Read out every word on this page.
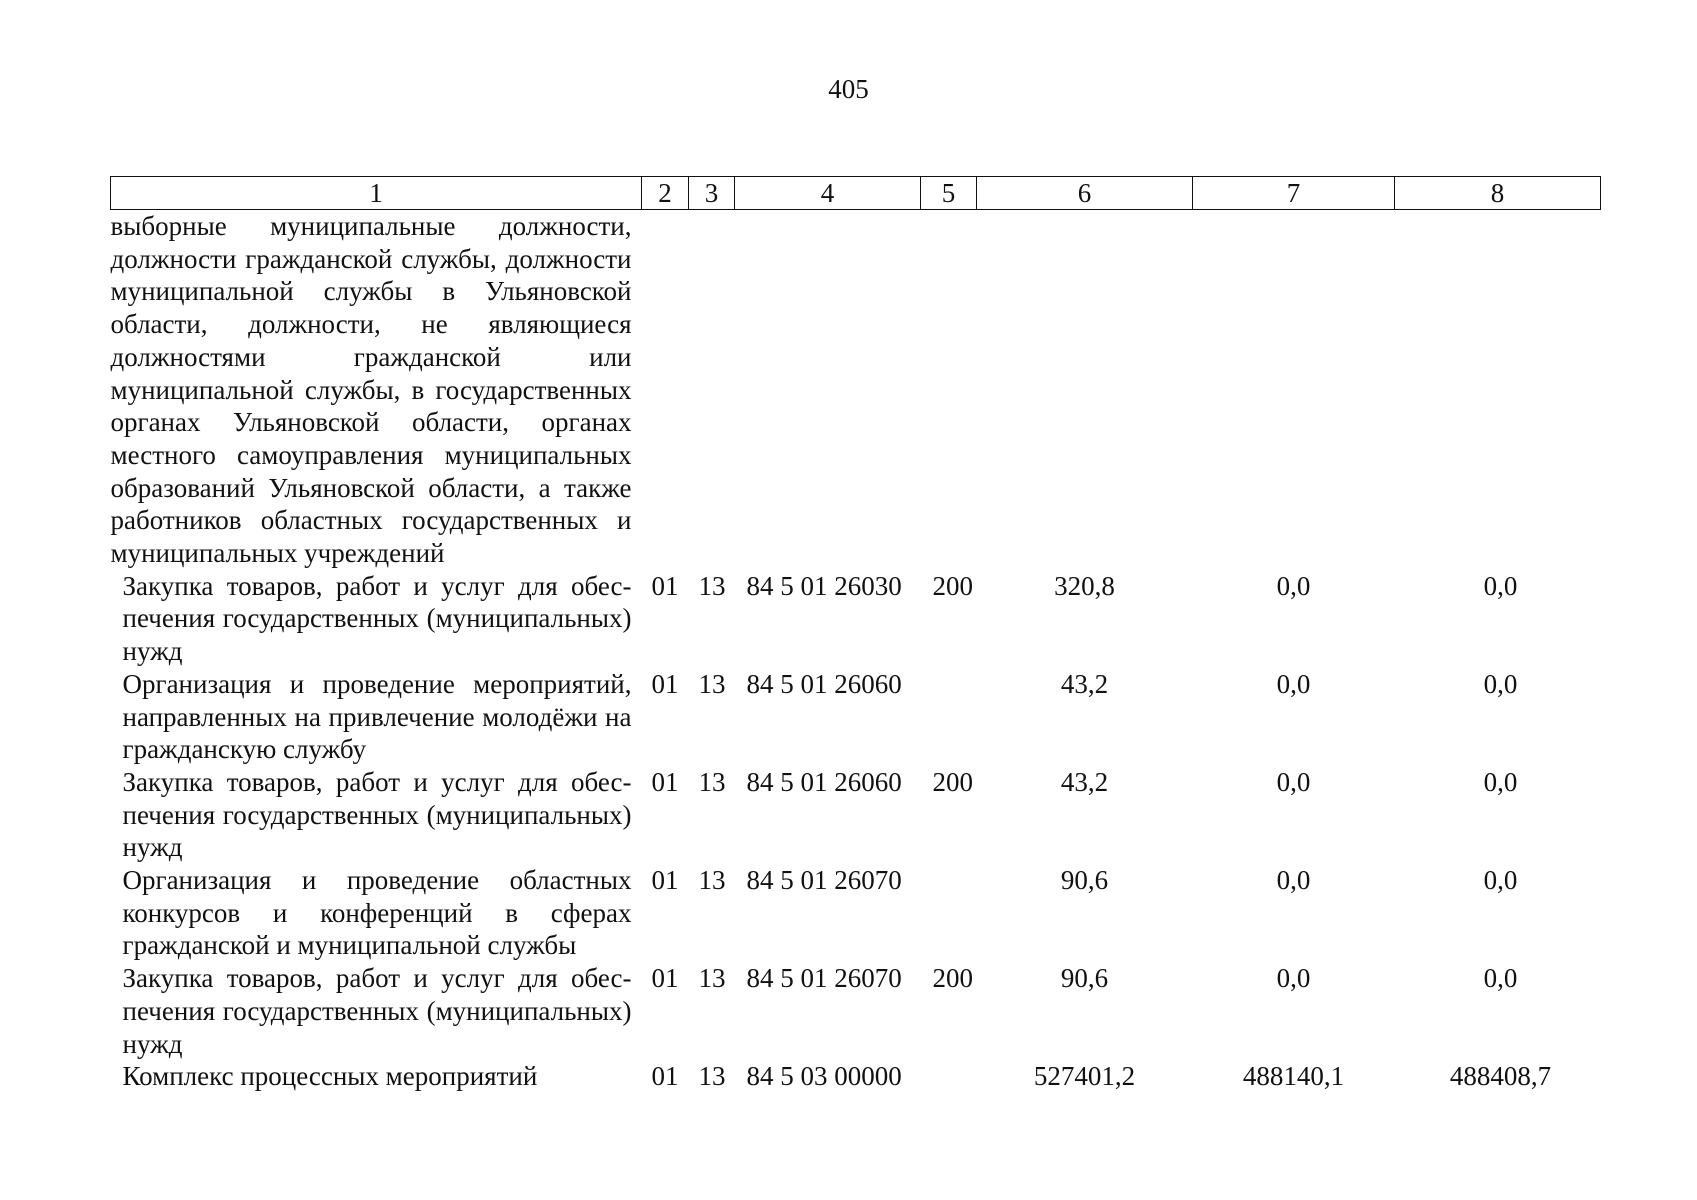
405
1	2	3	4	5	6	7	8
выборные муниципальные должности, должности гражданской службы, должности муниципальной службы в Ульяновской области, должности, не являющиеся должностями гражданской или муниципальной службы, в государственных органах Ульяновской области, органах местного самоуправления муниципальных образований Ульяновской области, а также работников областных государственных и муниципальных учреждений							
Закупка товаров, работ и услуг для обеспечения государственных (муниципальных) нужд	01	13	84 5 01 26030	200	320,8	0,0	0,0
Организация и проведение мероприятий, направленных на привлечение молодёжи на гражданскую службу	01	13	84 5 01 26060		43,2	0,0	0,0
Закупка товаров, работ и услуг для обеспечения государственных (муниципальных) нужд	01	13	84 5 01 26060	200	43,2	0,0	0,0
Организация и проведение областных конкурсов и конференций в сферах гражданской и муниципальной службы	01	13	84 5 01 26070		90,6	0,0	0,0
Закупка товаров, работ и услуг для обеспечения государственных (муниципальных) нужд	01	13	84 5 01 26070	200	90,6	0,0	0,0
Комплекс процессных мероприятий	01	13	84 5 03 00000		527401,2	488140,1	488408,7
